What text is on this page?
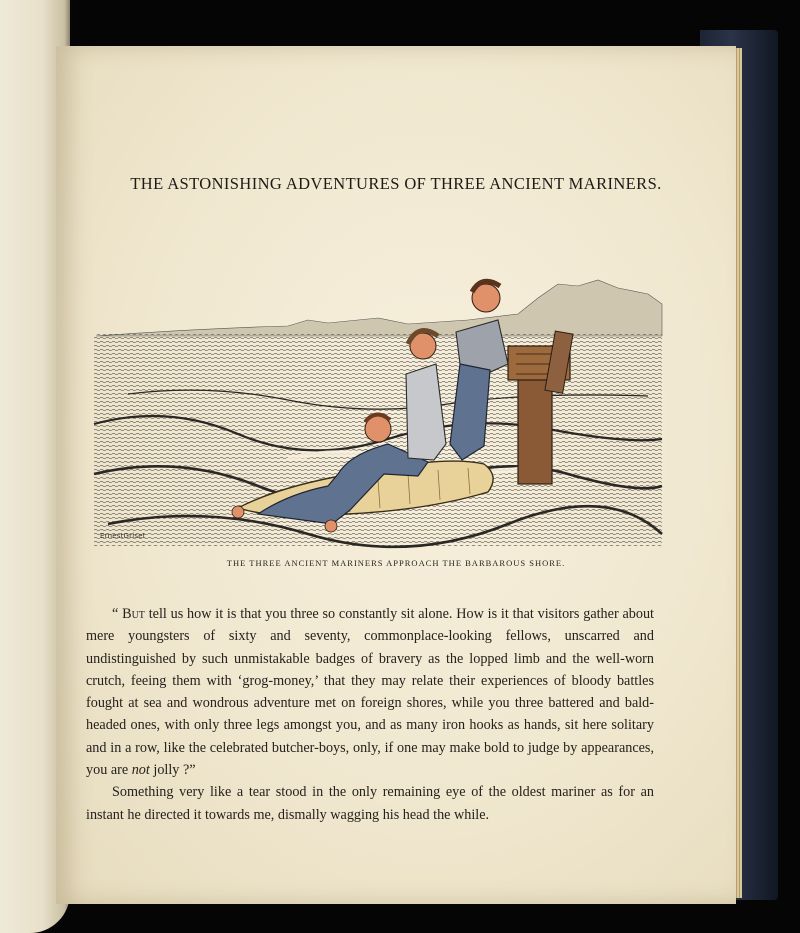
THE ASTONISHING ADVENTURES OF THREE ANCIENT MARINERS.
ErnestGriset
THE THREE ANCIENT MARINERS APPROACH THE BARBAROUS SHORE.

“ But tell us how it is that you three so constantly sit alone. How is it that visitors gather about mere youngsters of sixty and seventy, commonplace-looking fellows, unscarred and undistinguished by such unmistakable badges of bravery as the lopped limb and the well-worn crutch, feeing them with ‘grog-money,’ that they may relate their experiences of bloody battles fought at sea and wondrous adventure met on foreign shores, while you three battered and bald-headed ones, with only three legs amongst you, and as many iron hooks as hands, sit here solitary and in a row, like the celebrated butcher-boys, only, if one may make bold to judge by appearances, you are not jolly ?”

Something very like a tear stood in the only remaining eye of the oldest mariner as for an instant he directed it towards me, dismally wagging his head the while.
